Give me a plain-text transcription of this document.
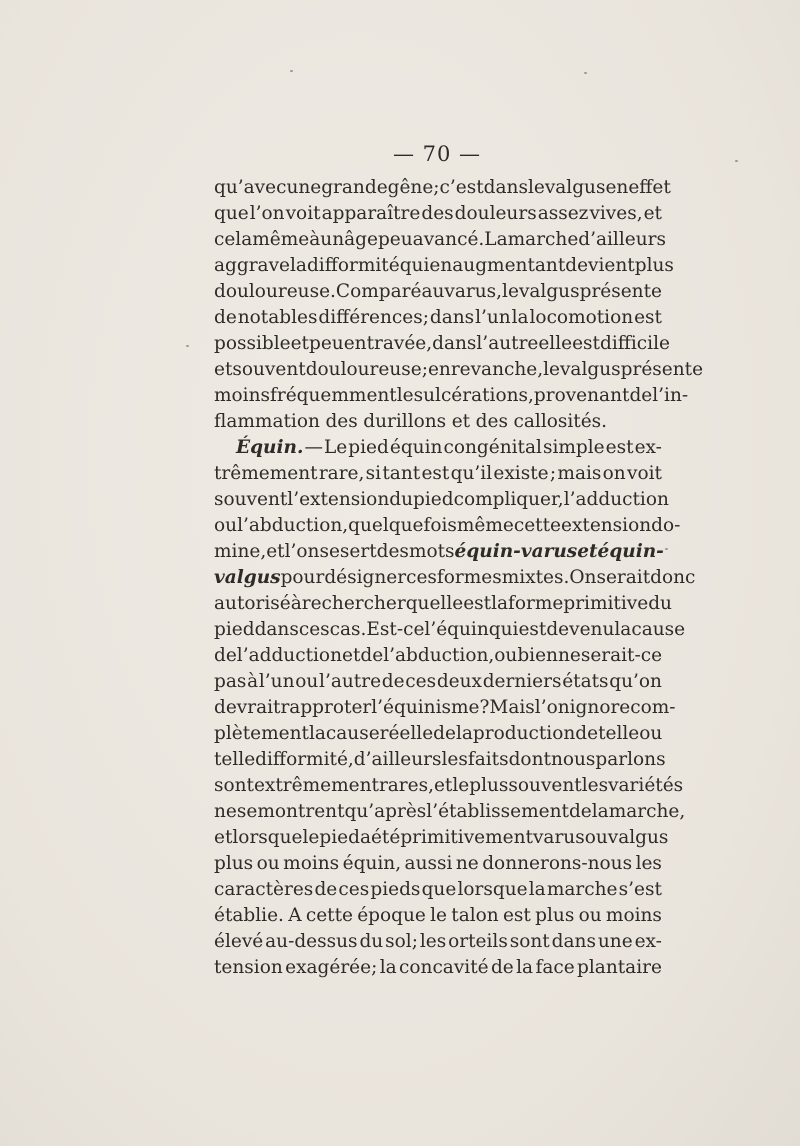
— 70 —
qu’avec une grande gêne; c’est dans le valgus en effet
que l’on voit apparaître des douleurs assez vives, et
cela même à un âge peu avancé. La marche d’ailleurs
aggrave la difformité qui en augmentant devient plus
douloureuse. Comparé au varus, le valgus présente
de notables différences; dans l’un la locomotion est
possible et peu entravée, dans l’autre elle est difficile
et souvent douloureuse; en revanche, le valgus présente
moins fréquemment les ulcérations, provenant de l’in-
flammation des durillons et des callosités.
Équin. — Le pied équin congénital simple est ex-
trêmement rare, si tant est qu’il existe ; mais on voit
souvent l’extension du pied compliquer, l’adduction
ou l’abduction, quelquefois même cette extension do-
mine, et l’on se sert des mots équin-varus et équin-
valgus pour désigner ces formes mixtes. On serait donc
autorisé à rechercher quelle est la forme primitive du
pied dans ces cas. Est-ce l’équin qui est devenu la cause
de l’adduction et de l’abduction, ou bien ne serait-ce
pas à l’un ou l’autre de ces deux derniers états qu’on
devrait rapproter l’équinisme? Mais l’on ignore com-
plètement la cause réelle de la production de telle ou
telle difformité, d’ailleurs les faits dont nous parlons
sont extrêmement rares, et le plus souvent les variétés
ne se montrent qu’après l’établissement de la marche,
et lorsque le pied a été primitivement varus ou valgus
plus ou moins équin, aussi ne donnerons-nous les
caractères de ces pieds que lorsque la marche s’est
établie. A cette époque le talon est plus ou moins
élevé au-dessus du sol; les orteils sont dans une ex-
tension exagérée; la concavité de la face plantaire
